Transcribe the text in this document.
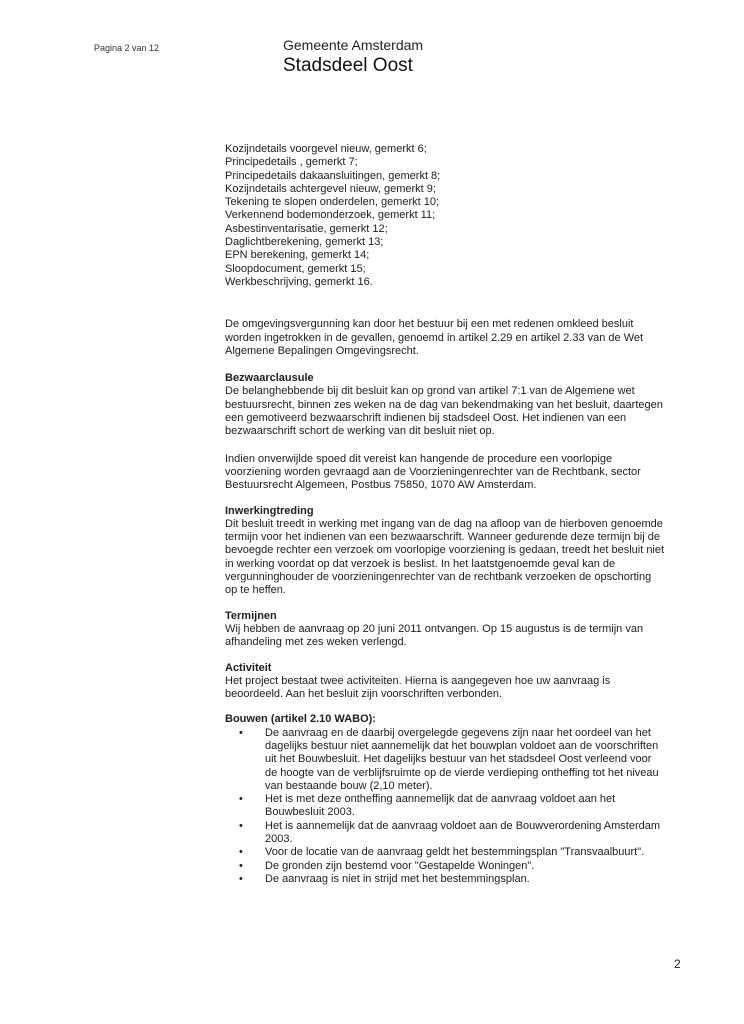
Pagina 2 van 12	Gemeente Amsterdam
Stadsdeel Oost
Kozijndetails voorgevel nieuw, gemerkt 6;
Principedetails , gemerkt 7;
Principedetails dakaansluitingen, gemerkt 8;
Kozijndetails achtergevel nieuw, gemerkt 9;
Tekening te slopen onderdelen, gemerkt 10;
Verkennend bodemonderzoek, gemerkt 11;
Asbestinventarisatie, gemerkt 12;
Daglichtberekening, gemerkt 13;
EPN berekening, gemerkt 14;
Sloopdocument, gemerkt 15;
Werkbeschrijving, gemerkt 16.
De omgevingsvergunning kan door het bestuur bij een met redenen omkleed besluit worden ingetrokken in de gevallen, genoemd in artikel 2.29 en artikel 2.33 van de Wet Algemene Bepalingen Omgevingsrecht.
Bezwaarclausule
De belanghebbende bij dit besluit kan op grond van artikel 7:1 van de Algemene wet bestuursrecht, binnen zes weken na de dag van bekendmaking van het besluit, daartegen een gemotiveerd bezwaarschrift indienen bij stadsdeel Oost. Het indienen van een bezwaarschrift schort de werking van dit besluit niet op.
Indien onverwijlde spoed dit vereist kan hangende de procedure een voorlopige voorziening worden gevraagd aan de Voorzieningenrechter van de Rechtbank, sector Bestuursrecht Algemeen, Postbus 75850, 1070 AW Amsterdam.
Inwerkingtreding
Dit besluit treedt in werking met ingang van de dag na afloop van de hierboven genoemde termijn voor het indienen van een bezwaarschrift. Wanneer gedurende deze termijn bij de bevoegde rechter een verzoek om voorlopige voorziening is gedaan, treedt het besluit niet in werking voordat op dat verzoek is beslist. In het laatstgenoemde geval kan de vergunninghouder de voorzieningenrechter van de rechtbank verzoeken de opschorting op te heffen.
Termijnen
Wij hebben de aanvraag op 20 juni 2011 ontvangen. Op 15 augustus is de termijn van afhandeling met zes weken verlengd.
Activiteit
Het project bestaat twee activiteiten. Hierna is aangegeven hoe uw aanvraag is beoordeeld. Aan het besluit zijn voorschriften verbonden.
Bouwen (artikel 2.10 WABO):
• De aanvraag en de daarbij overgelegde gegevens zijn naar het oordeel van het dagelijks bestuur niet aannemelijk dat het bouwplan voldoet aan de voorschriften uit het Bouwbesluit. Het dagelijks bestuur van het stadsdeel Oost verleend voor de hoogte van de verblijfsruimte op de vierde verdieping ontheffing tot het niveau van bestaande bouw (2,10 meter).
• Het is met deze ontheffing aannemelijk dat de aanvraag voldoet aan het Bouwbesluit 2003.
• Het is aannemelijk dat de aanvraag voldoet aan de Bouwverordening Amsterdam 2003.
• Voor de locatie van de aanvraag geldt het bestemmingsplan "Transvaalbuurt".
• De gronden zijn bestemd voor "Gestapelde Woningen".
• De aanvraag is niet in strijd met het bestemmingsplan.
2
